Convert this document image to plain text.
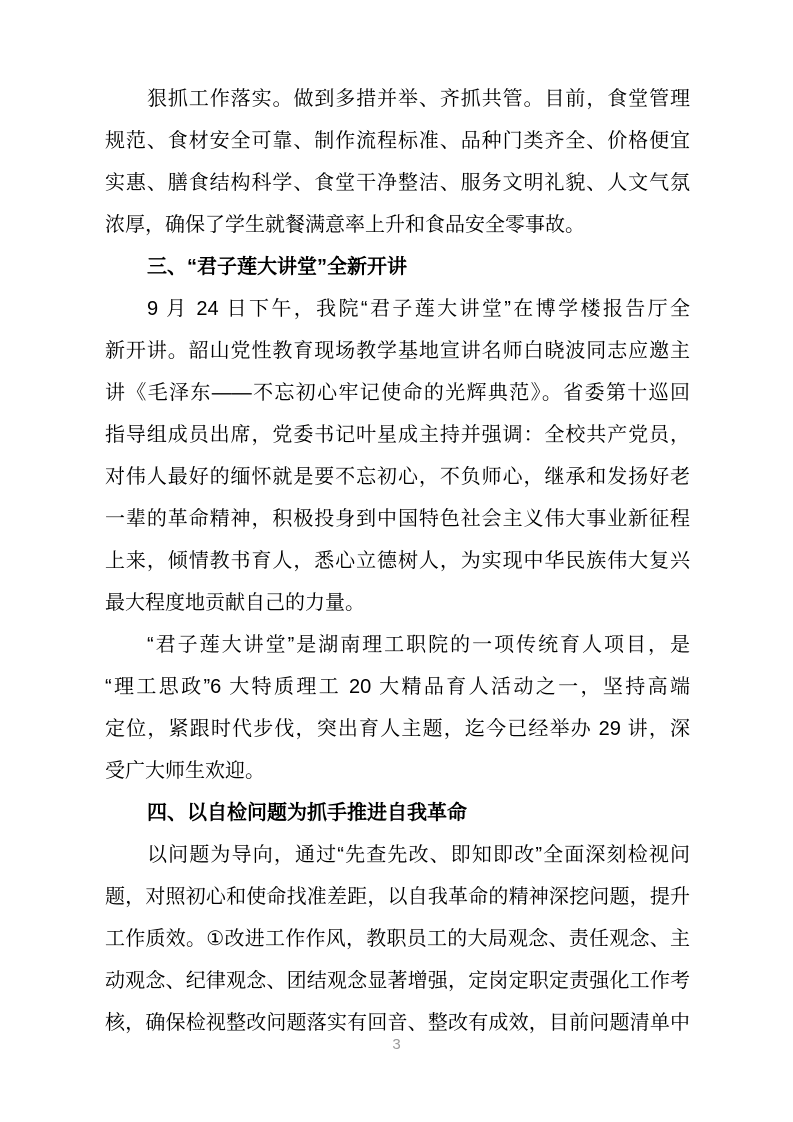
狠抓工作落实。做到多措并举、齐抓共管。目前，食堂管理
规范、食材安全可靠、制作流程标准、品种门类齐全、价格便宜
实惠、膳食结构科学、食堂干净整洁、服务文明礼貌、人文气氛
浓厚，确保了学生就餐满意率上升和食品安全零事故。
三、“君子莲大讲堂”全新开讲
9 月 24 日下午，我院“君子莲大讲堂”在博学楼报告厅全
新开讲。韶山党性教育现场教学基地宣讲名师白晓波同志应邀主
讲《毛泽东——不忘初心牢记使命的光辉典范》。省委第十巡回
指导组成员出席，党委书记叶星成主持并强调：全校共产党员，
对伟人最好的缅怀就是要不忘初心，不负师心，继承和发扬好老
一辈的革命精神，积极投身到中国特色社会主义伟大事业新征程
上来，倾情教书育人，悉心立德树人，为实现中华民族伟大复兴
最大程度地贡献自己的力量。
“君子莲大讲堂”是湖南理工职院的一项传统育人项目，是
“理工思政”6 大特质理工 20 大精品育人活动之一，坚持高端
定位，紧跟时代步伐，突出育人主题，迄今已经举办 29 讲，深
受广大师生欢迎。
四、以自检问题为抓手推进自我革命
以问题为导向，通过“先查先改、即知即改”全面深刻检视问
题，对照初心和使命找准差距，以自我革命的精神深挖问题，提升
工作质效。①改进工作作风，教职员工的大局观念、责任观念、主
动观念、纪律观念、团结观念显著增强，定岗定职定责强化工作考
核，确保检视整改问题落实有回音、整改有成效，目前问题清单中
3
